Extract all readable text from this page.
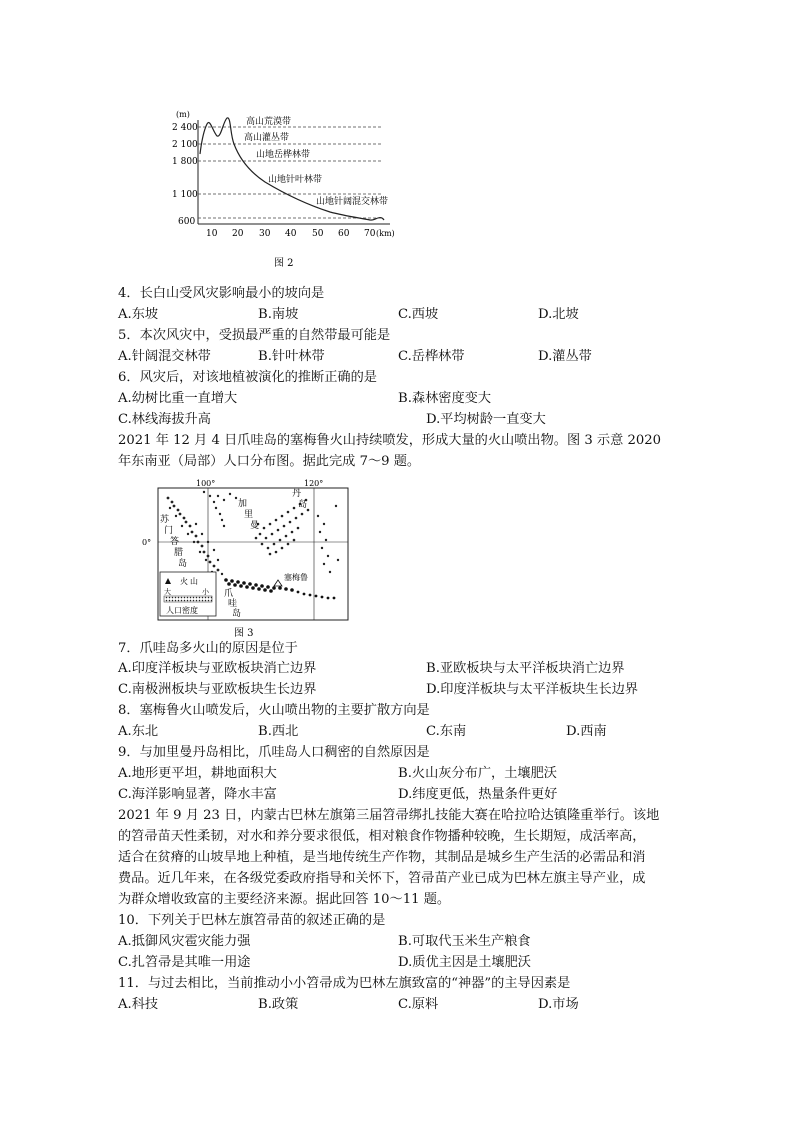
2 400
2 100
1 800
1 100
600
(m)
10 20 30 40 50 60 70 (km)
高山荒漠带
高山灌丛带
山地岳桦林带
山地针叶林带
山地针阔混交林带
图 2
4．长白山受风灾影响最小的坡向是
A.东坡	B.南坡	C.西坡	D.北坡
5．本次风灾中，受损最严重的自然带最可能是
A.针阔混交林带	B.针叶林带	C.岳桦林带	D.灌丛带
6．风灾后，对该地植被演化的推断正确的是
A.幼树比重一直增大	B.森林密度变大
C.林线海拔升高	D.平均树龄一直变大
2021 年 12 月 4 日爪哇岛的塞梅鲁火山持续喷发，形成大量的火山喷出物。图 3 示意 2020
年东南亚（局部）人口分布图。据此完成 7～9 题。
100°	120°
0°
苏
门
答
腊
岛
加
里
曼
丹
岛
爪
哇
岛
塞梅鲁
火 山
大	小
人口密度
图 3
7．爪哇岛多火山的原因是位于
A.印度洋板块与亚欧板块消亡边界	B.亚欧板块与太平洋板块消亡边界
C.南极洲板块与亚欧板块生长边界	D.印度洋板块与太平洋板块生长边界
8．塞梅鲁火山喷发后，火山喷出物的主要扩散方向是
A.东北	B.西北	C.东南	D.西南
9．与加里曼丹岛相比，爪哇岛人口稠密的自然原因是
A.地形更平坦，耕地面积大	B.火山灰分布广，土壤肥沃
C.海洋影响显著，降水丰富	D.纬度更低，热量条件更好
2021 年 9 月 23 日，内蒙古巴林左旗第三届笤帚绑扎技能大赛在哈拉哈达镇隆重举行。该地
的笤帚苗天性柔韧，对水和养分要求很低，相对粮食作物播种较晚，生长期短，成活率高，
适合在贫瘠的山坡旱地上种植，是当地传统生产作物，其制品是城乡生产生活的必需品和消
费品。近几年来，在各级党委政府指导和关怀下，笤帚苗产业已成为巴林左旗主导产业，成
为群众增收致富的主要经济来源。据此回答 10～11 题。
10．下列关于巴林左旗笤帚苗的叙述正确的是
A.抵御风灾雹灾能力强	B.可取代玉米生产粮食
C.扎笤帚是其唯一用途	D.质优主因是土壤肥沃
11．与过去相比，当前推动小小笤帚成为巴林左旗致富的“神器”的主导因素是
A.科技	B.政策	C.原料	D.市场
